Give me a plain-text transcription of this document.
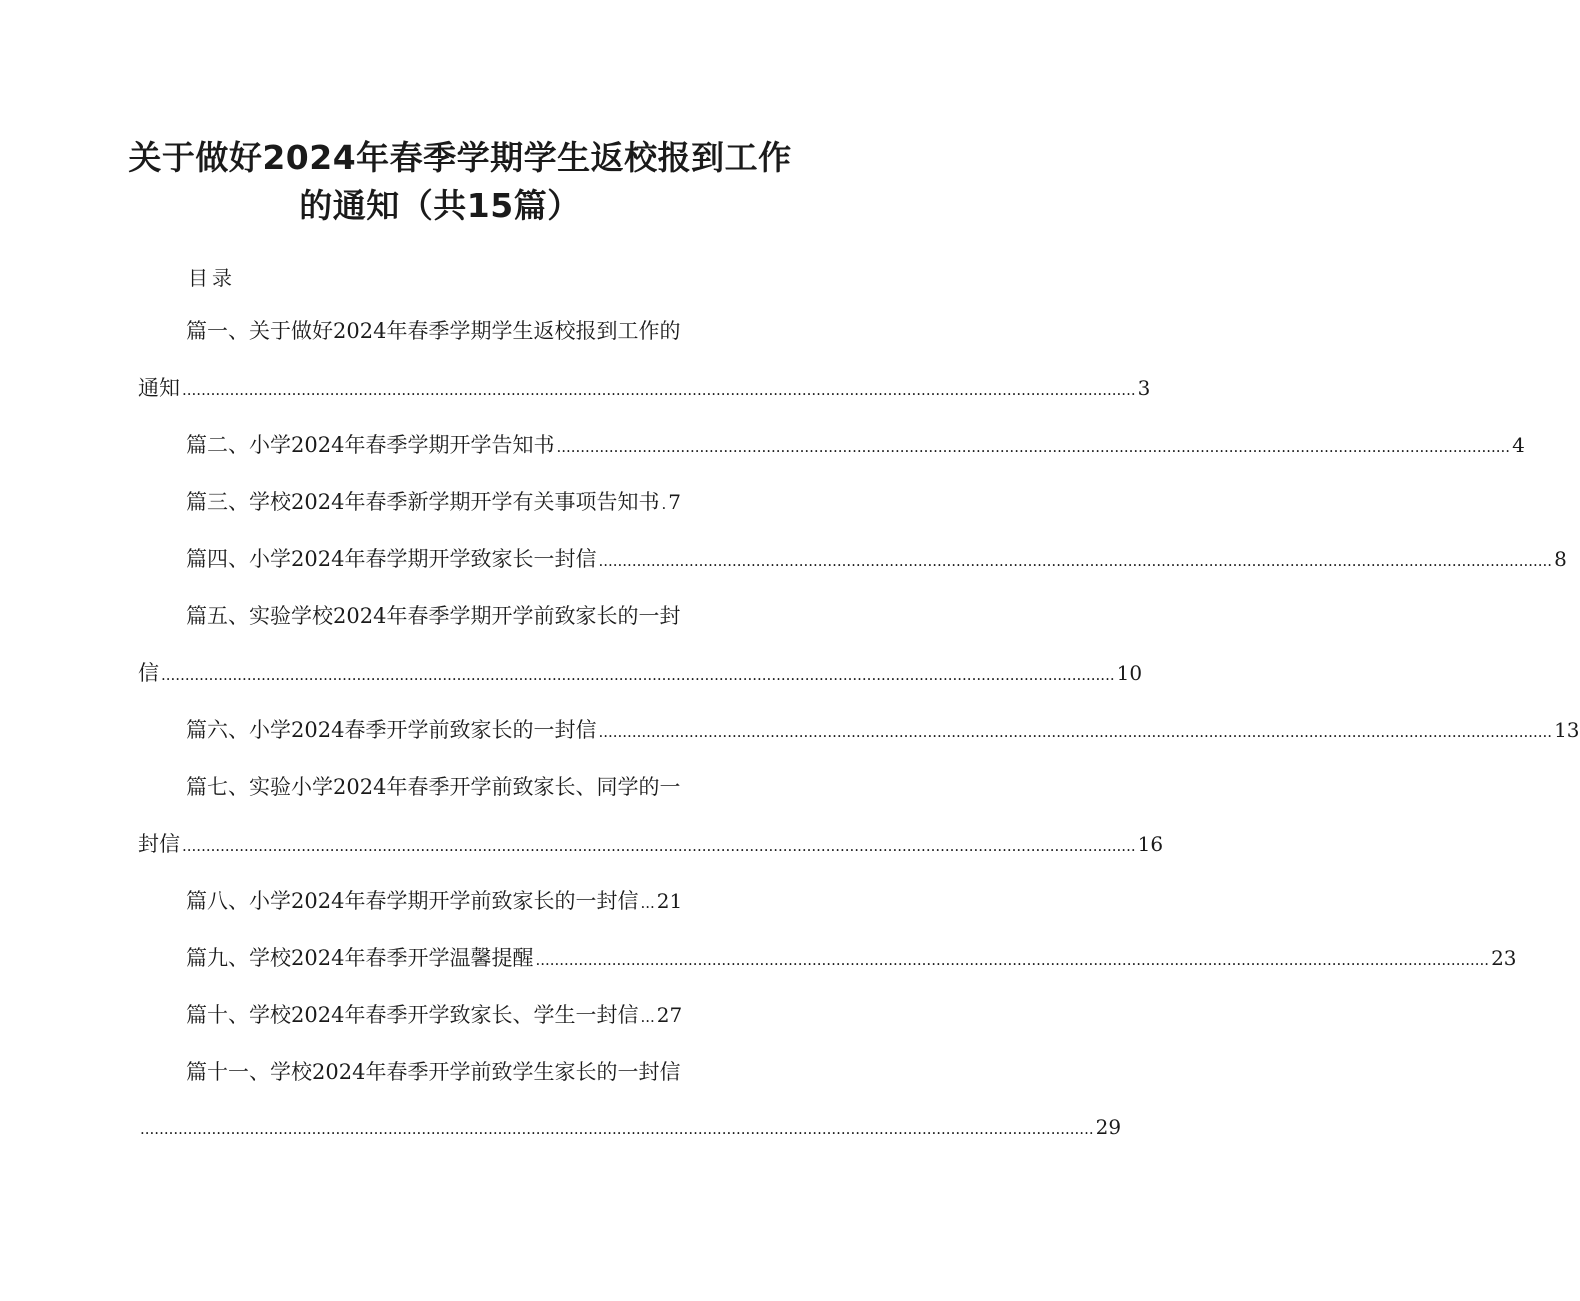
关于做好2024年春季学期学生返校报到工作
的通知（共15篇）
目录
篇一、关于做好2024年春季学期学生返校报到工作的
通知 ........................................................................................................................................................................................................ 3
篇二、小学2024年春季学期开学告知书 ........................................................................................................................................................................................................ 4
篇三、学校2024年春季新学期开学有关事项告知书 . 7
篇四、小学2024年春学期开学致家长一封信 ........................................................................................................................................................................................................ 8
篇五、实验学校2024年春季学期开学前致家长的一封
信 ........................................................................................................................................................................................................ 10
篇六、小学2024春季开学前致家长的一封信 ........................................................................................................................................................................................................ 13
篇七、实验小学2024年春季开学前致家长、同学的一
封信 ........................................................................................................................................................................................................ 16
篇八、小学2024年春学期开学前致家长的一封信 ... 21
篇九、学校2024年春季开学温馨提醒 ........................................................................................................................................................................................................ 23
篇十、学校2024年春季开学致家长、学生一封信 ... 27
篇十一、学校2024年春季开学前致学生家长的一封信
........................................................................................................................................................................................................ 29
